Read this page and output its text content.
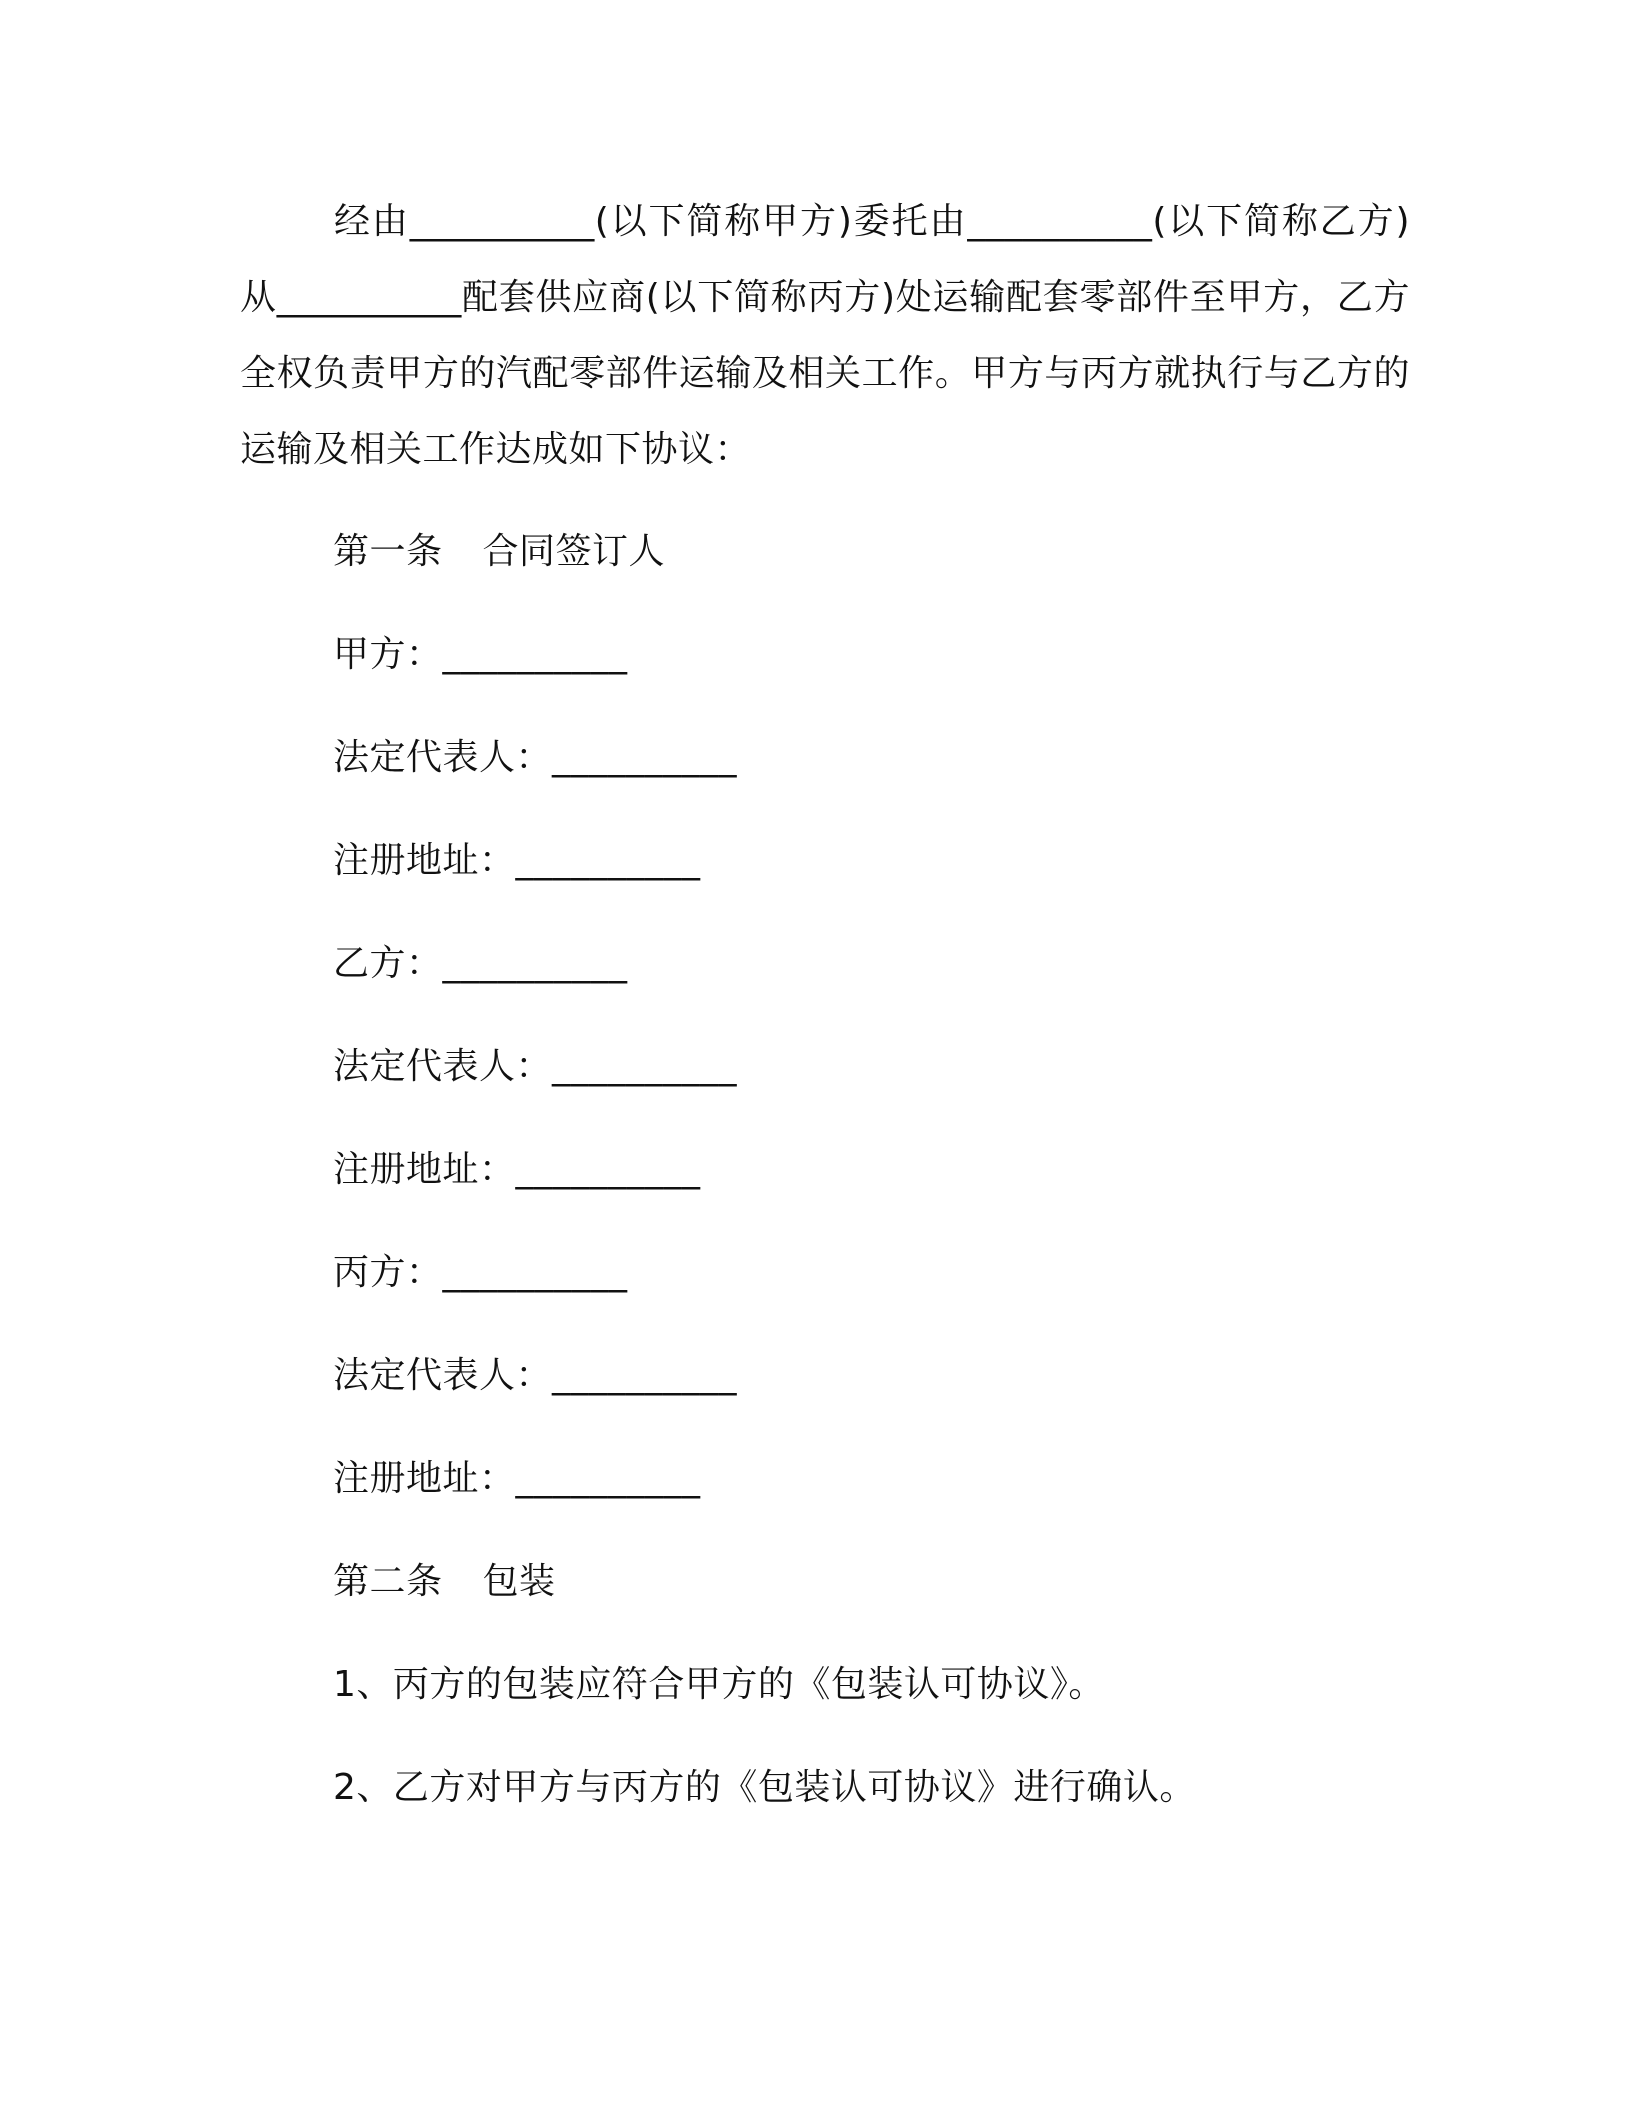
经由__________(以下简称甲方)委托由__________(以下简称乙方)从__________配套供应商(以下简称丙方)处运输配套零部件至甲方，乙方全权负责甲方的汽配零部件运输及相关工作。甲方与丙方就执行与乙方的运输及相关工作达成如下协议：

第一条 合同签订人

甲方：__________

法定代表人：__________

注册地址：__________

乙方：__________

法定代表人：__________

注册地址：__________

丙方：__________

法定代表人：__________

注册地址：__________

第二条 包装

1、丙方的包装应符合甲方的《包装认可协议》。

2、乙方对甲方与丙方的《包装认可协议》进行确认。
